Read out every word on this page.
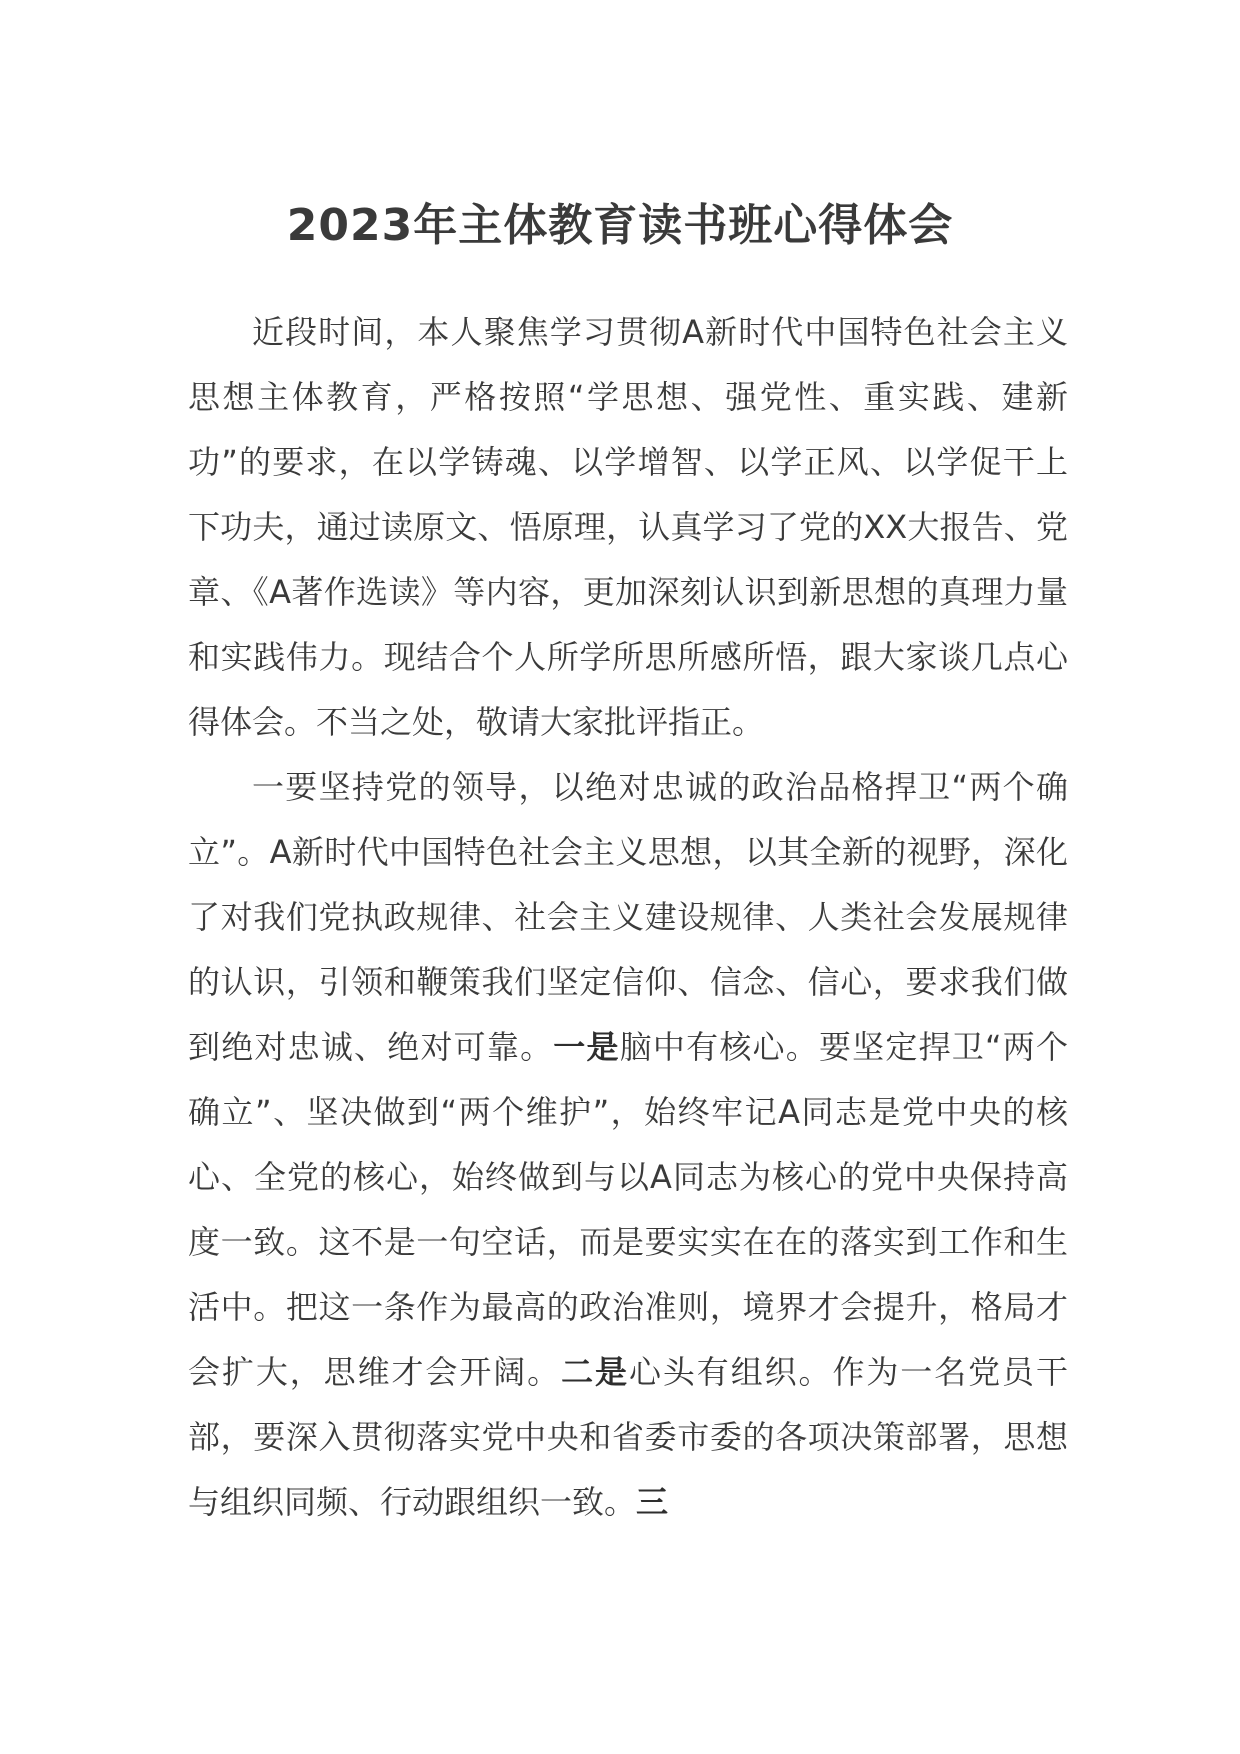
2023年主体教育读书班心得体会

近段时间，本人聚焦学习贯彻A新时代中国特色社会主义思想主体教育，严格按照“学思想、强党性、重实践、建新功”的要求，在以学铸魂、以学增智、以学正风、以学促干上下功夫，通过读原文、悟原理，认真学习了党的XX大报告、党章、《A著作选读》等内容，更加深刻认识到新思想的真理力量和实践伟力。现结合个人所学所思所感所悟，跟大家谈几点心得体会。不当之处，敬请大家批评指正。

一要坚持党的领导，以绝对忠诚的政治品格捍卫“两个确立”。A新时代中国特色社会主义思想，以其全新的视野，深化了对我们党执政规律、社会主义建设规律、人类社会发展规律的认识，引领和鞭策我们坚定信仰、信念、信心，要求我们做到绝对忠诚、绝对可靠。一是脑中有核心。要坚定捍卫“两个确立”、坚决做到“两个维护”，始终牢记A同志是党中央的核心、全党的核心，始终做到与以A同志为核心的党中央保持高度一致。这不是一句空话，而是要实实在在的落实到工作和生活中。把这一条作为最高的政治准则，境界才会提升，格局才会扩大，思维才会开阔。二是心头有组织。作为一名党员干部，要深入贯彻落实党中央和省委市委的各项决策部署，思想与组织同频、行动跟组织一致。三
